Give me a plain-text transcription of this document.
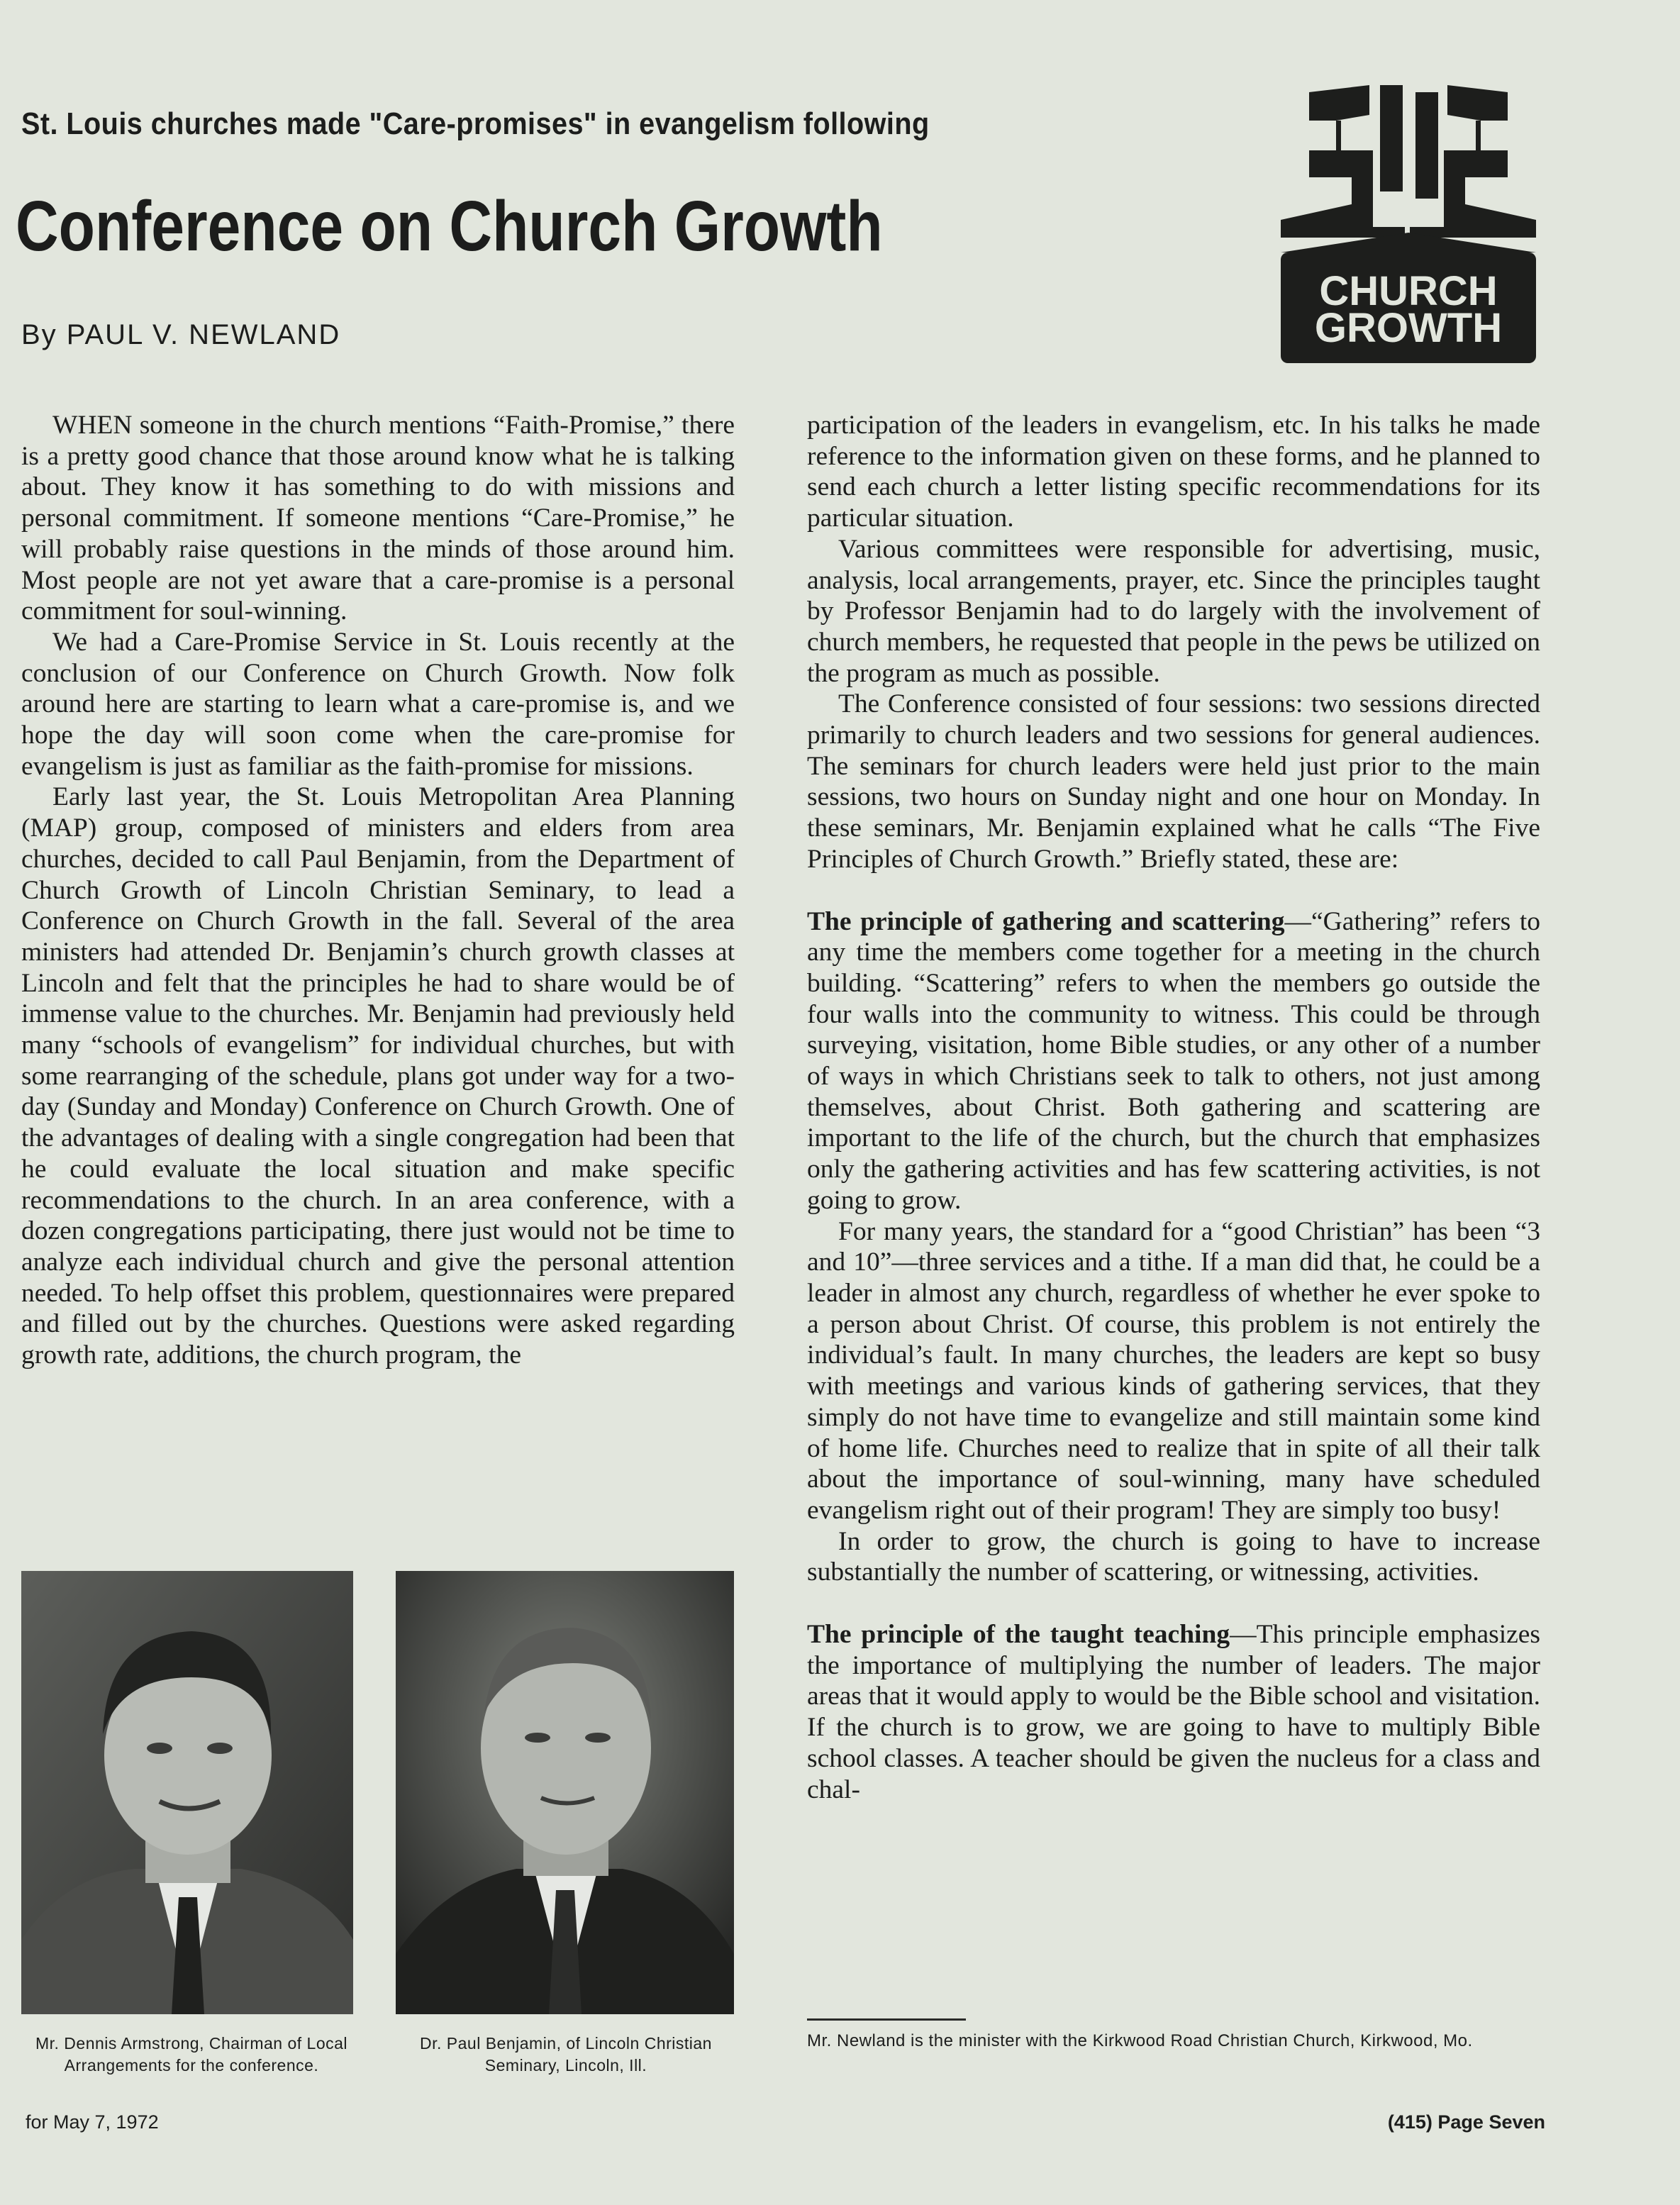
St. Louis churches made "Care-promises" in evangelism following
Conference on Church Growth
By PAUL V. NEWLAND
CHURCH
GROWTH

WHEN someone in the church mentions “Faith-Promise,” there is a pretty good chance that those around know what he is talking about. They know it has something to do with missions and personal commitment. If someone mentions “Care-Promise,” he will probably raise questions in the minds of those around him. Most people are not yet aware that a care-promise is a personal commitment for soul-winning.

We had a Care-Promise Service in St. Louis recently at the conclusion of our Conference on Church Growth. Now folk around here are starting to learn what a care-promise is, and we hope the day will soon come when the care-promise for evangelism is just as familiar as the faith-promise for missions.

Early last year, the St. Louis Metropolitan Area Planning (MAP) group, composed of ministers and elders from area churches, decided to call Paul Benjamin, from the Department of Church Growth of Lincoln Christian Seminary, to lead a Conference on Church Growth in the fall. Several of the area ministers had attended Dr. Benjamin’s church growth classes at Lincoln and felt that the principles he had to share would be of immense value to the churches. Mr. Benjamin had previously held many “schools of evangelism” for individual churches, but with some rearranging of the schedule, plans got under way for a two-day (Sunday and Monday) Conference on Church Growth. One of the advantages of dealing with a single congregation had been that he could evaluate the local situation and make specific recommendations to the church. In an area conference, with a dozen congregations participating, there just would not be time to analyze each individual church and give the personal attention needed. To help offset this problem, questionnaires were prepared and filled out by the churches. Questions were asked regarding growth rate, additions, the church program, the

participation of the leaders in evangelism, etc. In his talks he made reference to the information given on these forms, and he planned to send each church a letter listing specific recommendations for its particular situation.

Various committees were responsible for advertising, music, analysis, local arrangements, prayer, etc. Since the principles taught by Professor Benjamin had to do largely with the involvement of church members, he requested that people in the pews be utilized on the program as much as possible.

The Conference consisted of four sessions: two sessions directed primarily to church leaders and two sessions for general audiences. The seminars for church leaders were held just prior to the main sessions, two hours on Sunday night and one hour on Monday. In these seminars, Mr. Benjamin explained what he calls “The Five Principles of Church Growth.” Briefly stated, these are:

The principle of gathering and scattering—“Gathering” refers to any time the members come together for a meeting in the church building. “Scattering” refers to when the members go outside the four walls into the community to witness. This could be through surveying, visitation, home Bible studies, or any other of a number of ways in which Christians seek to talk to others, not just among themselves, about Christ. Both gathering and scattering are important to the life of the church, but the church that emphasizes only the gathering activities and has few scattering activities, is not going to grow.

For many years, the standard for a “good Christian” has been “3 and 10”—three services and a tithe. If a man did that, he could be a leader in almost any church, regardless of whether he ever spoke to a person about Christ. Of course, this problem is not entirely the individual’s fault. In many churches, the leaders are kept so busy with meetings and various kinds of gathering services, that they simply do not have time to evangelize and still maintain some kind of home life. Churches need to realize that in spite of all their talk about the importance of soul-winning, many have scheduled evangelism right out of their program! They are simply too busy!

In order to grow, the church is going to have to increase substantially the number of scattering, or witnessing, activities.

The principle of the taught teaching—This principle emphasizes the importance of multiplying the number of leaders. The major areas that it would apply to would be the Bible school and visitation. If the church is to grow, we are going to have to multiply Bible school classes. A teacher should be given the nucleus for a class and chal-

Mr. Dennis Armstrong, Chairman of Local Arrangements for the conference.
Dr. Paul Benjamin, of Lincoln Christian Seminary, Lincoln, Ill.
Mr. Newland is the minister with the Kirkwood Road Christian Church, Kirkwood, Mo.
for May 7, 1972	(415) Page Seven
